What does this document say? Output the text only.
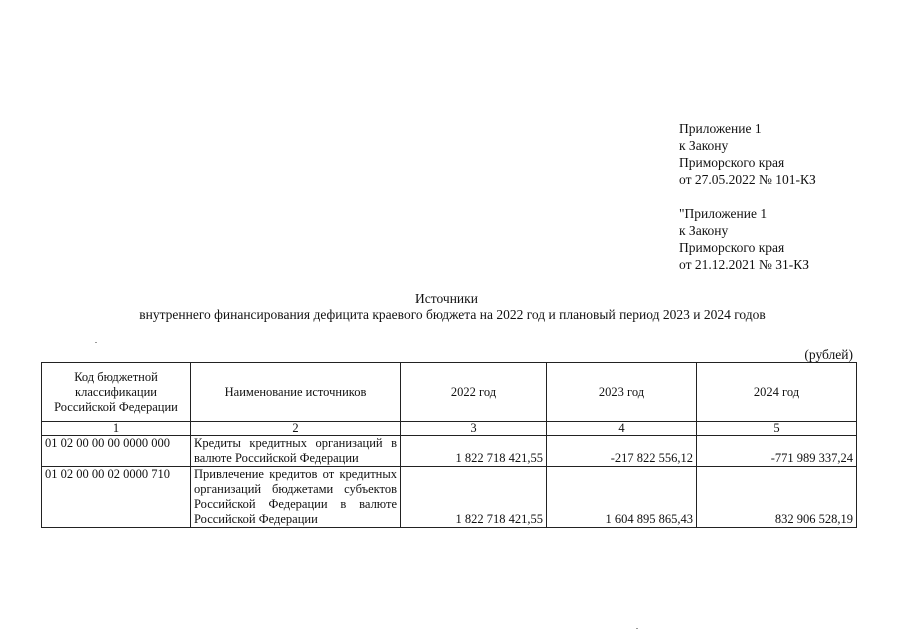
Приложение 1
к Закону
Приморского края
от 27.05.2022 № 101-КЗ
"Приложение 1
к Закону
Приморского края
от 21.12.2021 № 31-КЗ
Источники
внутреннего финансирования дефицита краевого бюджета на 2022 год и плановый период 2023 и 2024 годов
(рублей)
Код бюджетной классификации Российской Федерации	Наименование источников	2022 год	2023 год	2024 год
1	2	3	4	5
01 02 00 00 00 0000 000	Кредиты кредитных организаций в валюте Российской Федерации	1 822 718 421,55	-217 822 556,12	-771 989 337,24
01 02 00 00 02 0000 710	Привлечение кредитов от кредитных организаций бюджетами субъектов Российской Федерации в валюте Российской Федерации	1 822 718 421,55	1 604 895 865,43	832 906 528,19
